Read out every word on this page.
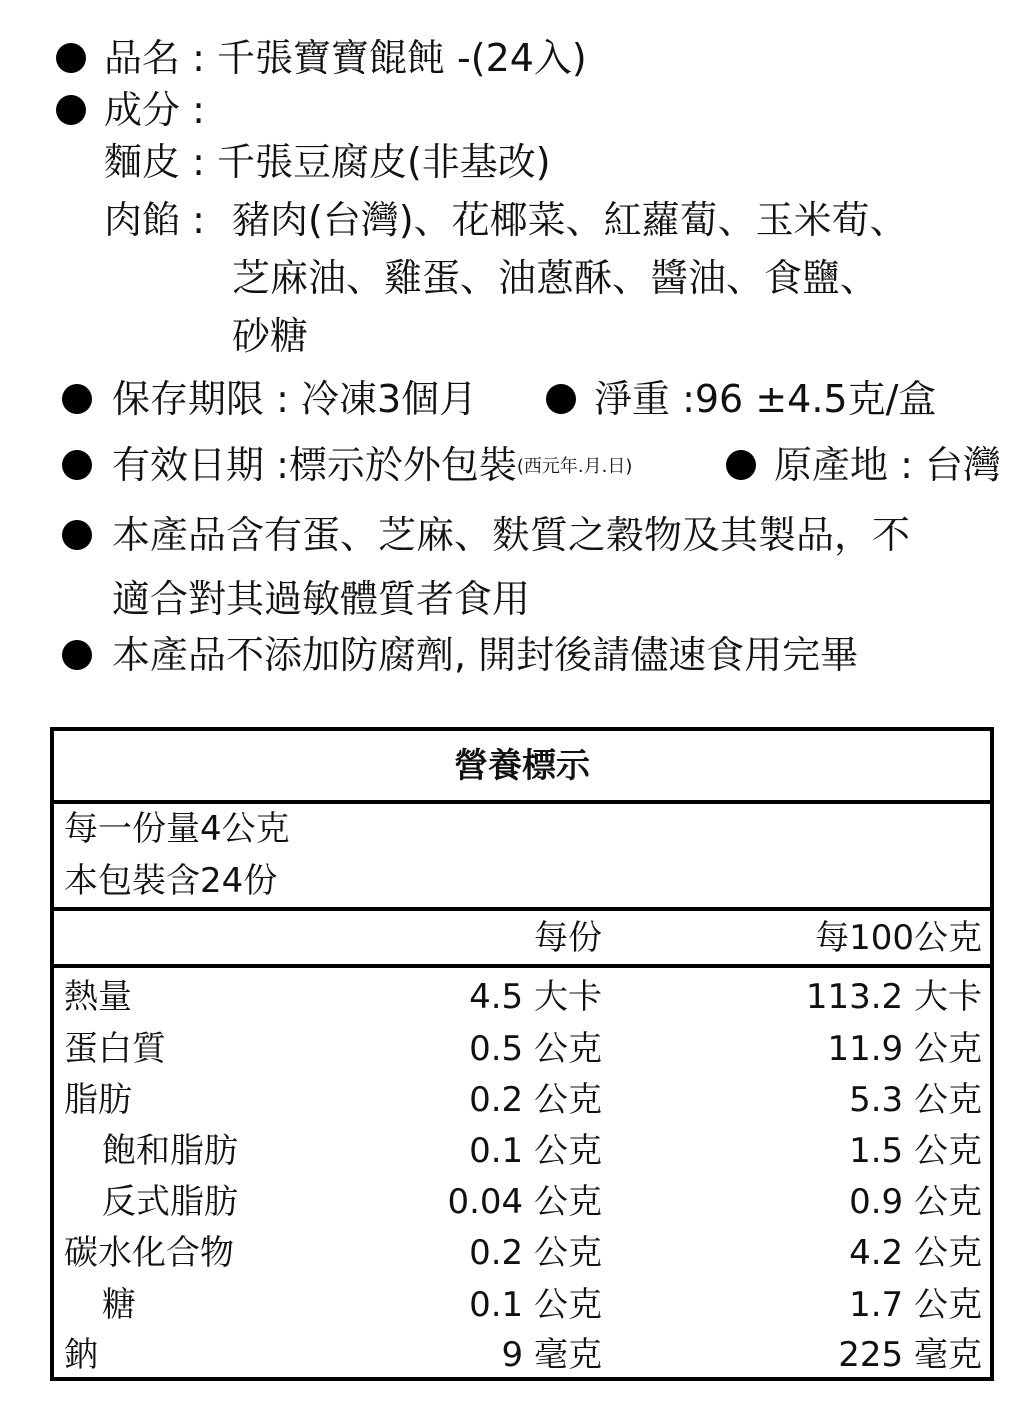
品名 : 千張寶寶餛飩 -(24入)
成分 :
麵皮 : 千張豆腐皮(非基改)
肉餡 : 豬肉(台灣)、花椰菜、紅蘿蔔、玉米荀、
芝麻油、雞蛋、油蔥酥、醬油、食鹽、
砂糖
保存期限 : 冷凍3個月	淨重 :96 ±4.5克/盒
有效日期 :標示於外包裝(西元年.月.日)	原產地 : 台灣
本產品含有蛋、芝麻、麩質之穀物及其製品，不
適合對其過敏體質者食用
本產品不添加防腐劑, 開封後請儘速食用完畢
營養標示
每一份量4公克
本包裝含24份
每份	每100公克
熱量	4.5 大卡	113.2 大卡
蛋白質	0.5 公克	11.9 公克
脂肪	0.2 公克	5.3 公克
飽和脂肪	0.1 公克	1.5 公克
反式脂肪	0.04 公克	0.9 公克
碳水化合物	0.2 公克	4.2 公克
糖	0.1 公克	1.7 公克
鈉	9 毫克	225 毫克
